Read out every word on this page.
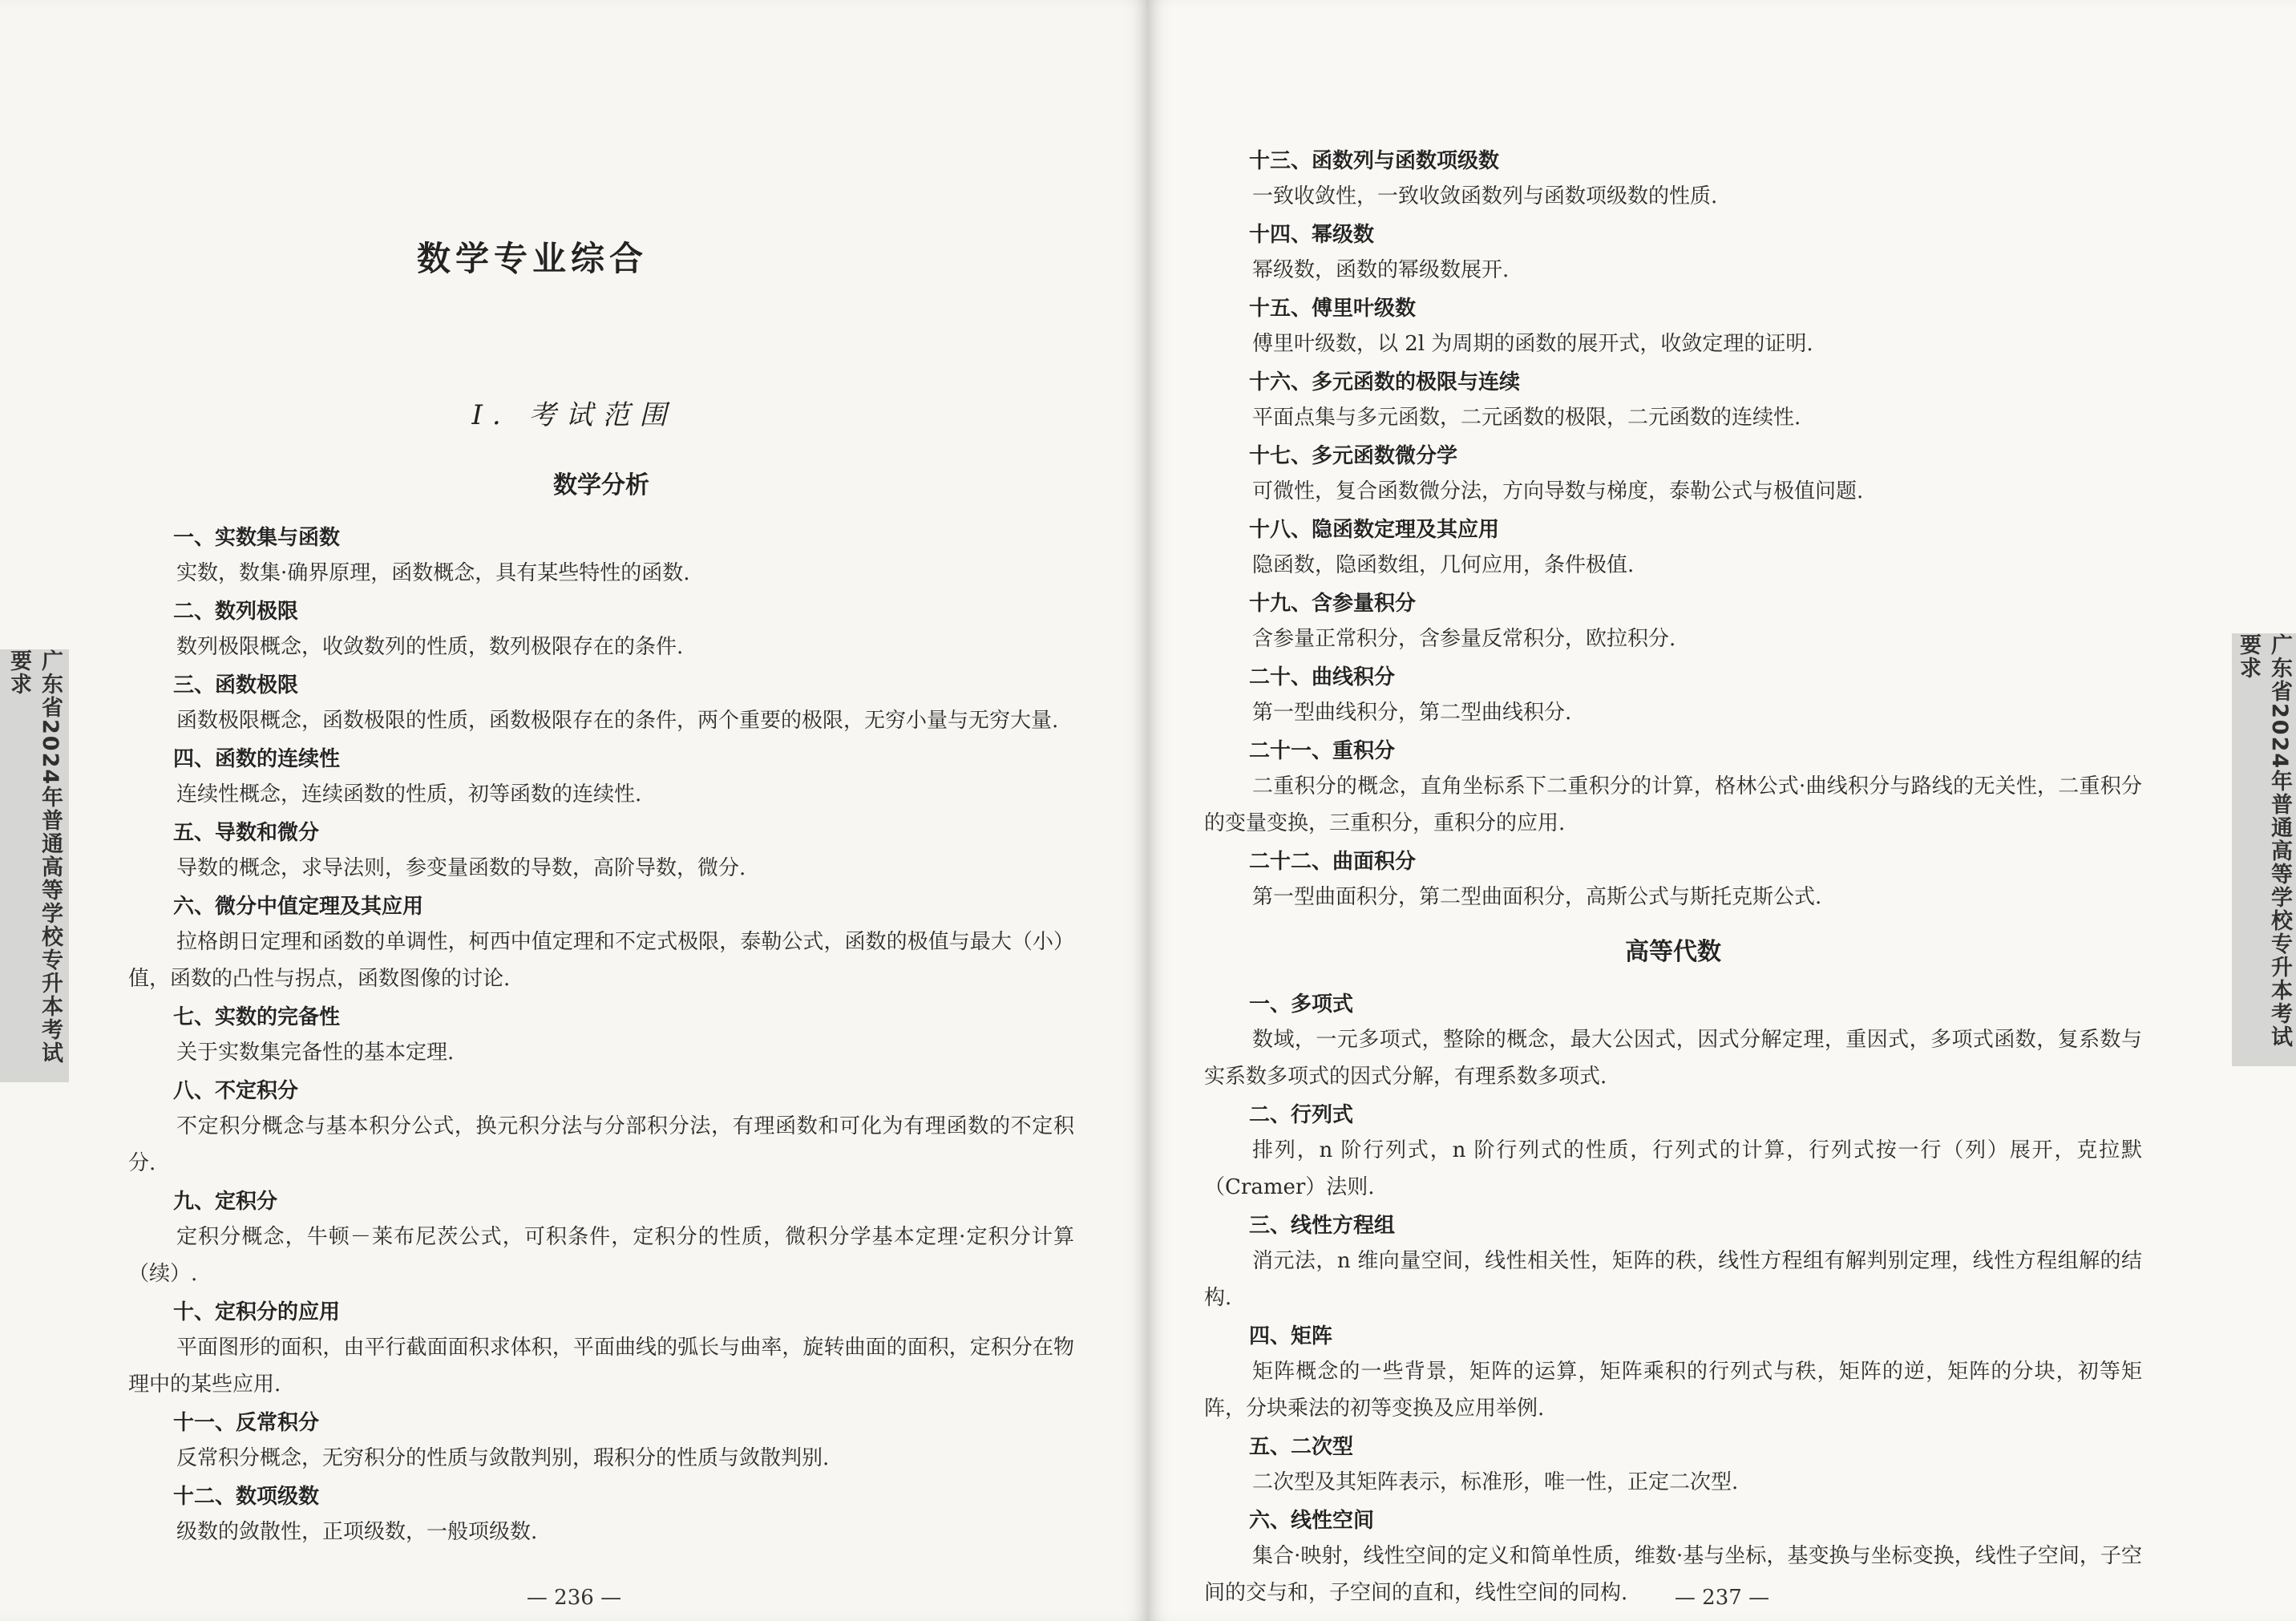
广东省2024年普通高等学校专升本考试要求
数学专业综合
Ⅰ. 考试范围
数学分析

一、实数集与函数

实数，数集·确界原理，函数概念，具有某些特性的函数.

二、数列极限

数列极限概念，收敛数列的性质，数列极限存在的条件.

三、函数极限

函数极限概念，函数极限的性质，函数极限存在的条件，两个重要的极限，无穷小量与无穷大量.

四、函数的连续性

连续性概念，连续函数的性质，初等函数的连续性.

五、导数和微分

导数的概念，求导法则，参变量函数的导数，高阶导数，微分.

六、微分中值定理及其应用

拉格朗日定理和函数的单调性，柯西中值定理和不定式极限，泰勒公式，函数的极值与最大（小）值，函数的凸性与拐点，函数图像的讨论.

七、实数的完备性

关于实数集完备性的基本定理.

八、不定积分

不定积分概念与基本积分公式，换元积分法与分部积分法，有理函数和可化为有理函数的不定积分.

九、定积分

定积分概念，牛顿－莱布尼茨公式，可积条件，定积分的性质，微积分学基本定理·定积分计算（续）.

十、定积分的应用

平面图形的面积，由平行截面面积求体积，平面曲线的弧长与曲率，旋转曲面的面积，定积分在物理中的某些应用.

十一、反常积分

反常积分概念，无穷积分的性质与敛散判别，瑕积分的性质与敛散判别.

十二、数项级数

级数的敛散性，正项级数，一般项级数.

— 236 —
广东省2024年普通高等学校专升本考试要求

十三、函数列与函数项级数

一致收敛性，一致收敛函数列与函数项级数的性质.

十四、幂级数

幂级数，函数的幂级数展开.

十五、傅里叶级数

傅里叶级数，以 2l 为周期的函数的展开式，收敛定理的证明.

十六、多元函数的极限与连续

平面点集与多元函数，二元函数的极限，二元函数的连续性.

十七、多元函数微分学

可微性，复合函数微分法，方向导数与梯度，泰勒公式与极值问题.

十八、隐函数定理及其应用

隐函数，隐函数组，几何应用，条件极值.

十九、含参量积分

含参量正常积分，含参量反常积分，欧拉积分.

二十、曲线积分

第一型曲线积分，第二型曲线积分.

二十一、重积分

二重积分的概念，直角坐标系下二重积分的计算，格林公式·曲线积分与路线的无关性，二重积分的变量变换，三重积分，重积分的应用.

二十二、曲面积分

第一型曲面积分，第二型曲面积分，高斯公式与斯托克斯公式.

高等代数

一、多项式

数域，一元多项式，整除的概念，最大公因式，因式分解定理，重因式，多项式函数，复系数与实系数多项式的因式分解，有理系数多项式.

二、行列式

排列，n 阶行列式，n 阶行列式的性质，行列式的计算，行列式按一行（列）展开，克拉默（Cramer）法则.

三、线性方程组

消元法，n 维向量空间，线性相关性，矩阵的秩，线性方程组有解判别定理，线性方程组解的结构.

四、矩阵

矩阵概念的一些背景，矩阵的运算，矩阵乘积的行列式与秩，矩阵的逆，矩阵的分块，初等矩阵，分块乘法的初等变换及应用举例.

五、二次型

二次型及其矩阵表示，标准形，唯一性，正定二次型.

六、线性空间

集合·映射，线性空间的定义和简单性质，维数·基与坐标，基变换与坐标变换，线性子空间，子空间的交与和，子空间的直和，线性空间的同构.	— 237 —
